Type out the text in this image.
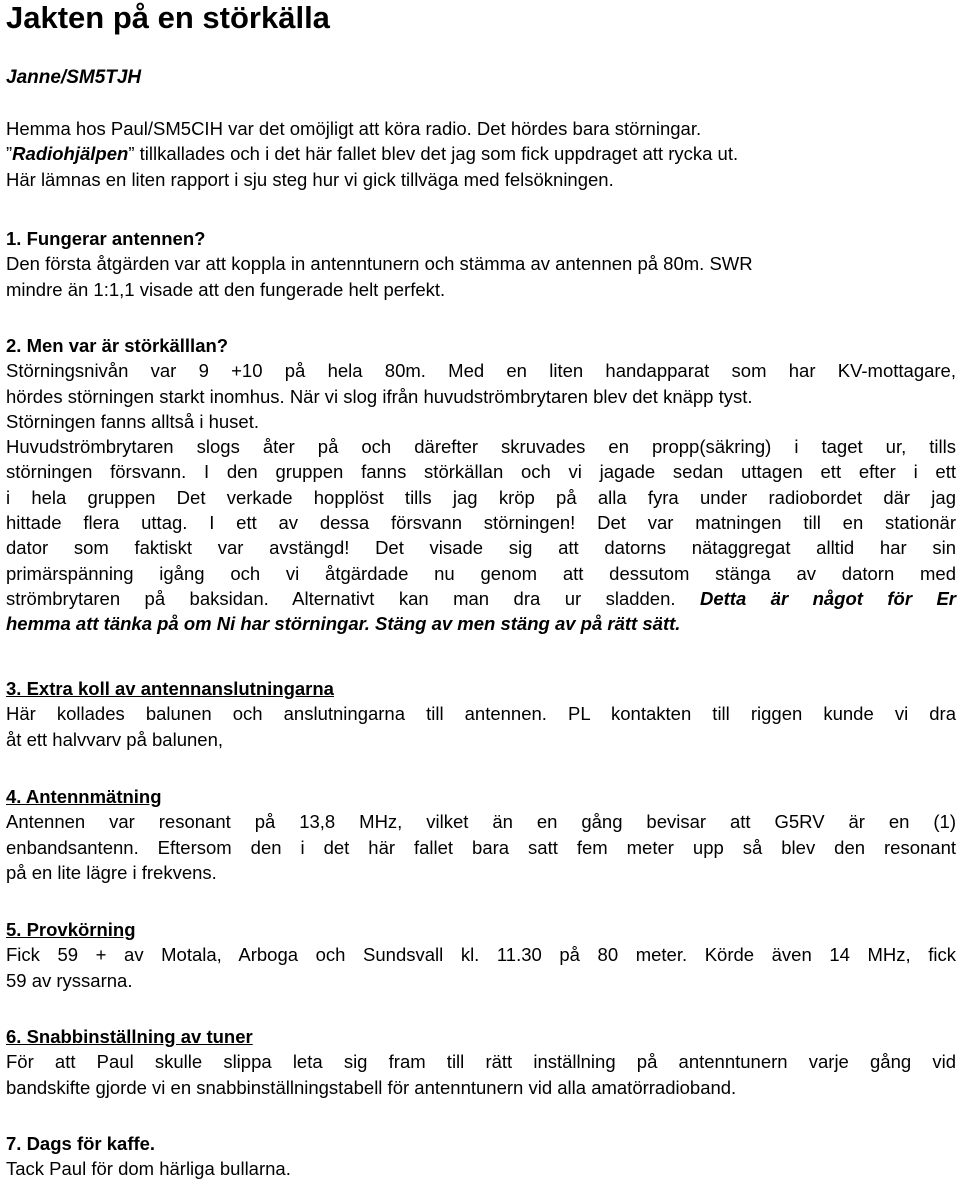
Jakten på en störkälla
Janne/SM5TJH
Hemma hos Paul/SM5CIH var det omöjligt att köra radio. Det hördes bara störningar.
”Radiohjälpen” tillkallades och i det här fallet blev det jag som fick uppdraget att rycka ut.
Här lämnas en liten rapport i sju steg hur vi gick tillväga med felsökningen.
1. Fungerar antennen?
Den första åtgärden var att koppla in antenntunern och stämma av antennen på 80m. SWR
mindre än 1:1,1 visade att den fungerade helt perfekt.
2. Men var är störkälllan?
Störningsnivån var 9 +10 på hela 80m. Med en liten handapparat som har KV-mottagare,
hördes störningen starkt inomhus. När vi slog ifrån huvudströmbrytaren blev det knäpp tyst.
Störningen fanns alltså i huset.
Huvudströmbrytaren slogs åter på och därefter skruvades en propp(säkring) i taget ur, tills
störningen försvann. I den gruppen fanns störkällan och vi jagade sedan uttagen ett efter i ett
i hela gruppen Det verkade hopplöst tills jag kröp på alla fyra under radiobordet där jag
hittade flera uttag. I ett av dessa försvann störningen! Det var matningen till en stationär
dator som faktiskt var avstängd! Det visade sig att datorns nätaggregat alltid har sin
primärspänning igång och vi åtgärdade nu genom att dessutom stänga av datorn med
strömbrytaren på baksidan. Alternativt kan man dra ur sladden. Detta är något för Er
hemma att tänka på om Ni har störningar. Stäng av men stäng av på rätt sätt.
3. Extra koll av antennanslutningarna
Här kollades balunen och anslutningarna till antennen. PL kontakten till riggen kunde vi dra
åt ett halvvarv på balunen,
4. Antennmätning
Antennen var resonant på 13,8 MHz, vilket än en gång bevisar att G5RV är en (1)
enbandsantenn. Eftersom den i det här fallet bara satt fem meter upp så blev den resonant
på en lite lägre i frekvens.
5. Provkörning
Fick 59 + av Motala, Arboga och Sundsvall kl. 11.30 på 80 meter. Körde även 14 MHz, fick
59 av ryssarna.
6. Snabbinställning av tuner
För att Paul skulle slippa leta sig fram till rätt inställning på antenntunern varje gång vid
bandskifte gjorde vi en snabbinställningstabell för antenntunern vid alla amatörradioband.
7. Dags för kaffe.
Tack Paul för dom härliga bullarna.
